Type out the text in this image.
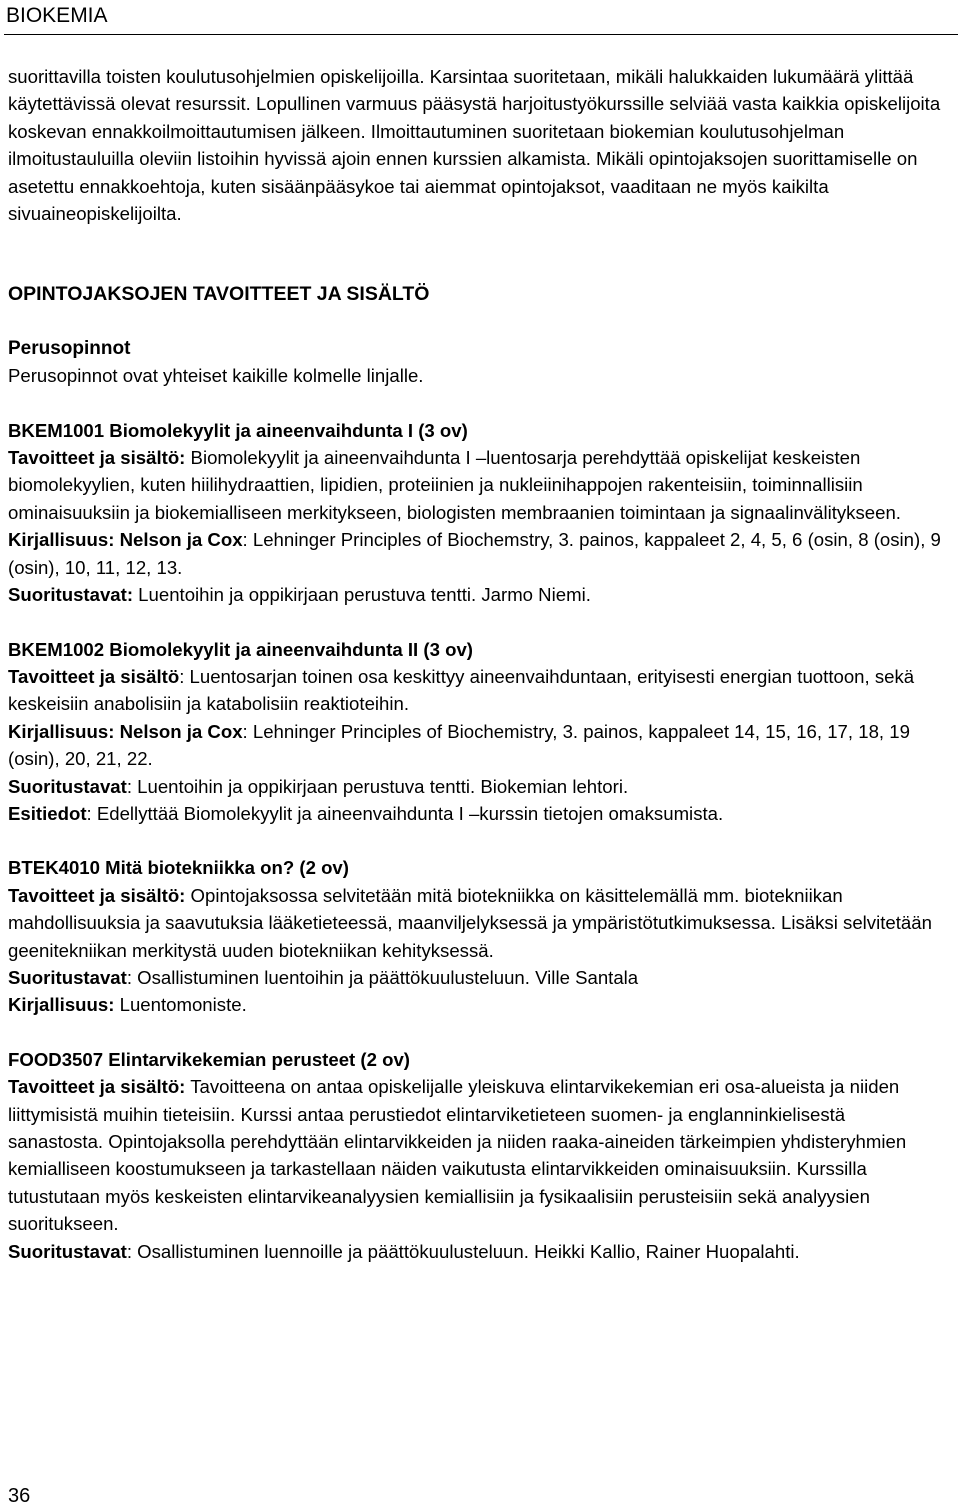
BIOKEMIA

suorittavilla toisten koulutusohjelmien opiskelijoilla. Karsintaa suoritetaan, mikäli halukkaiden lukumäärä ylittää käytettävissä olevat resurssit. Lopullinen varmuus pääsystä harjoitustyökurssille selviää vasta kaikkia opiskelijoita koskevan ennakkoilmoittautumisen jälkeen. Ilmoittautuminen suoritetaan biokemian koulutusohjelman ilmoitustauluilla oleviin listoihin hyvissä ajoin ennen kurssien alkamista. Mikäli opintojaksojen suorittamiselle on asetettu ennakkoehtoja, kuten sisäänpääsykoe tai aiemmat opintojaksot, vaaditaan ne myös kaikilta sivuaineopiskelijoilta.

OPINTOJAKSOJEN TAVOITTEET JA SISÄLTÖ

Perusopinnot
Perusopinnot ovat yhteiset kaikille kolmelle linjalle.
BKEM1001 Biomolekyylit ja aineenvaihdunta I (3 ov)

Tavoitteet ja sisältö: Biomolekyylit ja aineenvaihdunta I –luentosarja perehdyttää opiskelijat keskeisten biomolekyylien, kuten hiilihydraattien, lipidien, proteiinien ja nukleiinihappojen rakenteisiin, toiminnallisiin ominaisuuksiin ja biokemialliseen merkitykseen, biologisten membraanien toimintaan ja signaalinvälitykseen.

Kirjallisuus: Nelson ja Cox: Lehninger Principles of Biochemstry, 3. painos, kappaleet 2, 4, 5, 6 (osin, 8 (osin), 9 (osin), 10, 11, 12, 13.

Suoritustavat: Luentoihin ja oppikirjaan perustuva tentti. Jarmo Niemi.

BKEM1002 Biomolekyylit ja aineenvaihdunta II (3 ov)

Tavoitteet ja sisältö: Luentosarjan toinen osa keskittyy aineenvaihduntaan, erityisesti energian tuottoon, sekä keskeisiin anabolisiin ja katabolisiin reaktioteihin.

Kirjallisuus: Nelson ja Cox: Lehninger Principles of Biochemistry, 3. painos, kappaleet 14, 15, 16, 17, 18, 19 (osin), 20, 21, 22.

Suoritustavat: Luentoihin ja oppikirjaan perustuva tentti. Biokemian lehtori.

Esitiedot: Edellyttää Biomolekyylit ja aineenvaihdunta I –kurssin tietojen omaksumista.

BTEK4010 Mitä biotekniikka on? (2 ov)

Tavoitteet ja sisältö: Opintojaksossa selvitetään mitä biotekniikka on käsittelemällä mm. biotekniikan mahdollisuuksia ja saavutuksia lääketieteessä, maanviljelyksessä ja ympäristötutkimuksessa. Lisäksi selvitetään geenitekniikan merkitystä uuden biotekniikan kehityksessä.

Suoritustavat: Osallistuminen luentoihin ja päättökuulusteluun. Ville Santala

Kirjallisuus: Luentomoniste.

FOOD3507 Elintarvikekemian perusteet (2 ov)

Tavoitteet ja sisältö: Tavoitteena on antaa opiskelijalle yleiskuva elintarvikekemian eri osa-alueista ja niiden liittymisistä muihin tieteisiin. Kurssi antaa perustiedot elintarviketieteen suomen- ja englanninkielisestä sanastosta. Opintojaksolla perehdyttään elintarvikkeiden ja niiden raaka-aineiden tärkeimpien yhdisteryhmien kemialliseen koostumukseen ja tarkastellaan näiden vaikutusta elintarvikkeiden ominaisuuksiin. Kurssilla tutustutaan myös keskeisten elintarvikeanalyysien kemiallisiin ja fysikaalisiin perusteisiin sekä analyysien suoritukseen.

Suoritustavat: Osallistuminen luennoille ja päättökuulusteluun. Heikki Kallio, Rainer Huopalahti.

36
